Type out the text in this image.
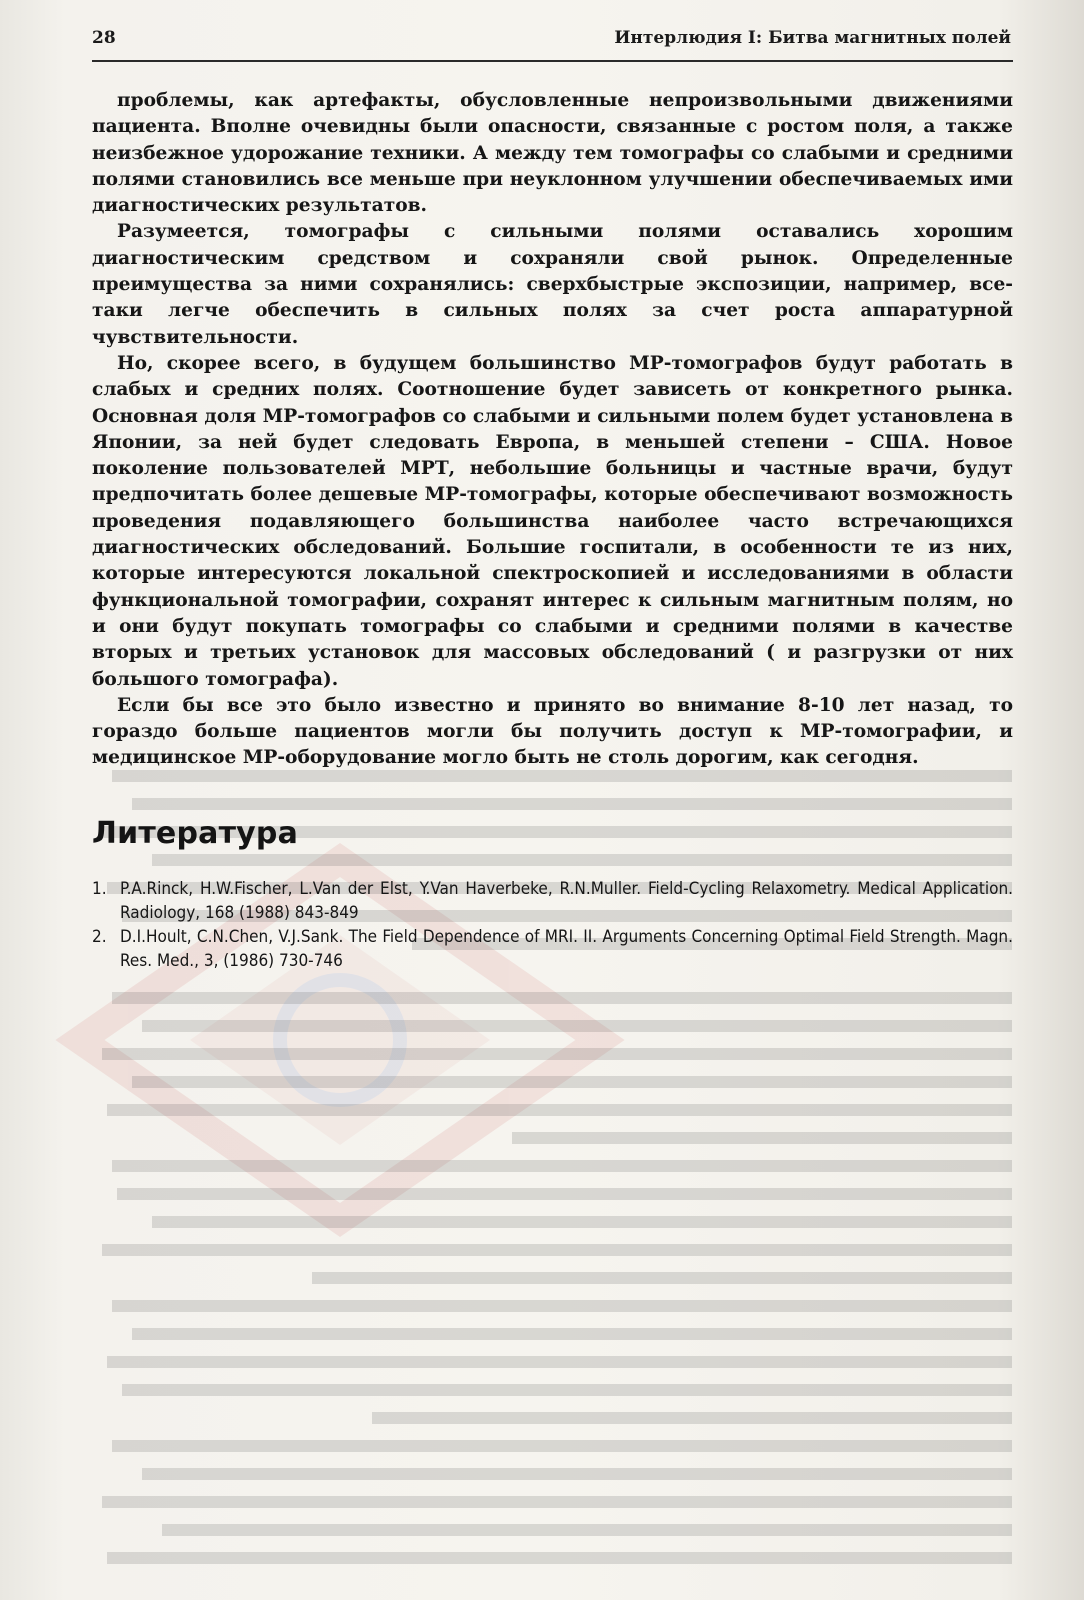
28	Интерлюдия I: Битва магнитных полей

проблемы, как артефакты, обусловленные непроизвольными движениями пациента. Вполне очевидны были опасности, связанные с ростом поля, а также неизбежное удорожание техники. А между тем томографы со слабыми и средними полями становились все меньше при неуклонном улучшении обеспечиваемых ими диагностических результатов.

Разумеется, томографы с сильными полями оставались хорошим диагностическим средством и сохраняли свой рынок. Определенные преимущества за ними сохранялись: сверхбыстрые экспозиции, например, все-таки легче обеспечить в сильных полях за счет роста аппаратурной чувствительности.

Но, скорее всего, в будущем большинство МР-томографов будут работать в слабых и средних полях. Соотношение будет зависеть от конкретного рынка. Основная доля МР-томографов со слабыми и сильными полем будет установлена в Японии, за ней будет следовать Европа, в меньшей степени – США. Новое поколение пользователей МРТ, небольшие больницы и частные врачи, будут предпочитать более дешевые МР-томографы, которые обеспечивают возможность проведения подавляющего большинства наиболее часто встречающихся диагностических обследований. Большие госпитали, в особенности те из них, которые интересуются локальной спектроскопией и исследованиями в области функциональной томографии, сохранят интерес к сильным магнитным полям, но и они будут покупать томографы со слабыми и средними полями в качестве вторых и третьих установок для массовых обследований ( и разгрузки от них большого томографа).

Если бы все это было известно и принято во внимание 8-10 лет назад, то гораздо больше пациентов могли бы получить доступ к МР-томографии, и медицинское МР-оборудование могло быть не столь дорогим, как сегодня.

Литература
1. P.A.Rinck, H.W.Fischer, L.Van der Elst, Y.Van Haverbeke, R.N.Muller. Field-Cycling Relaxometry. Medical Application. Radiology, 168 (1988) 843-849
2. D.I.Hoult, C.N.Chen, V.J.Sank. The Field Dependence of MRI. II. Arguments Concerning Optimal Field Strength. Magn. Res. Med., 3, (1986) 730-746
